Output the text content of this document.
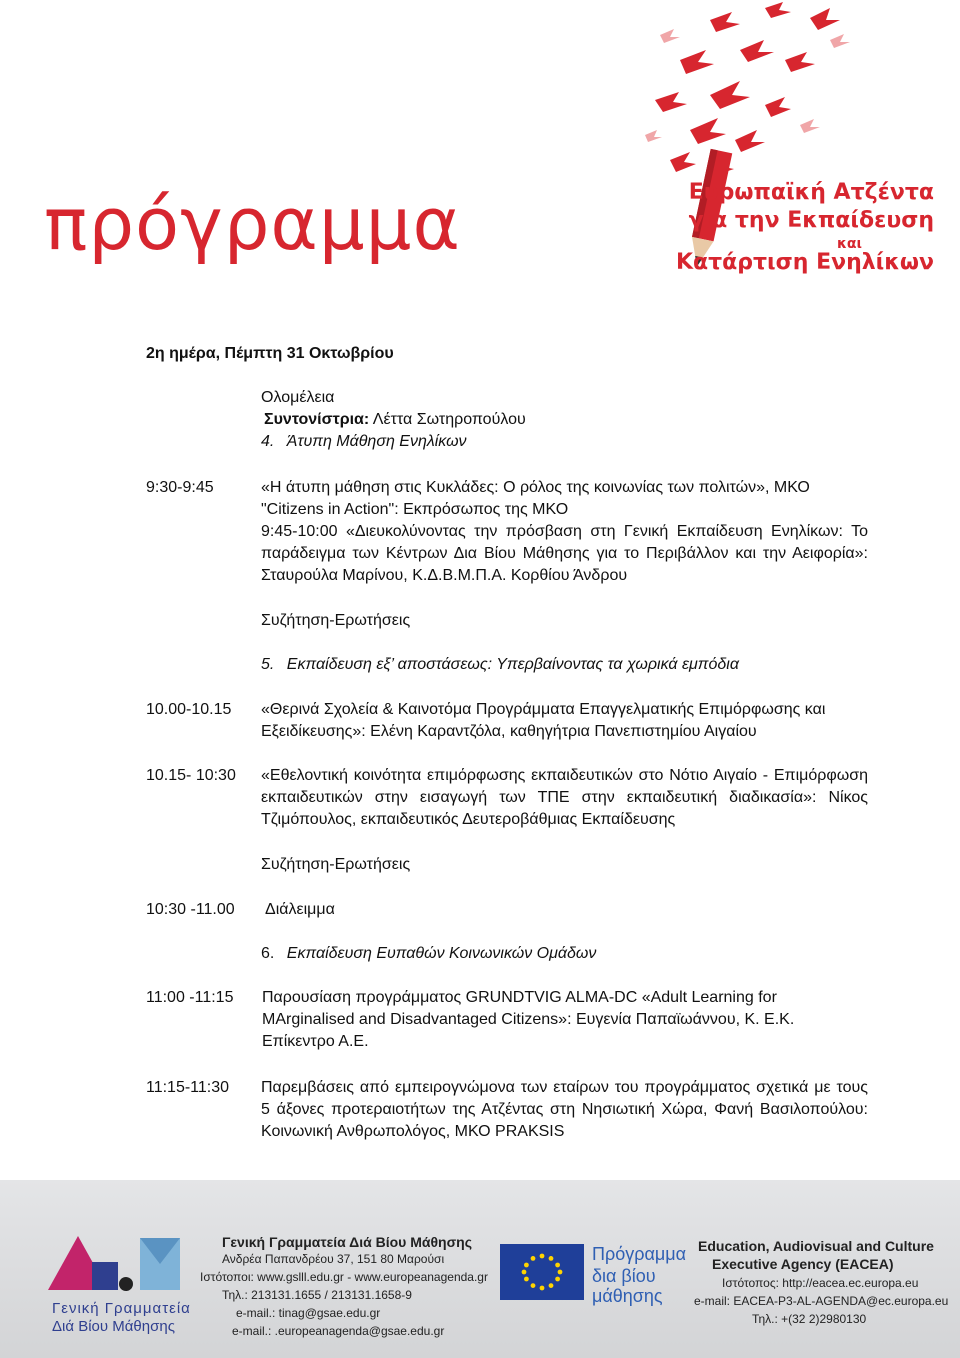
πρόγραμμα	Ευρωπαϊκή Ατζέντα
για την Εκπαίδευση
και
Κατάρτιση Ενηλίκων
2η ημέρα, Πέμπτη 31 Οκτωβρίου
Ολομέλεια
Συντονίστρια: Λέττα Σωτηροπούλου
4. Άτυπη Μάθηση Ενηλίκων
9:30-9:45	«Η άτυπη μάθηση στις Κυκλάδες: Ο ρόλος της κοινωνίας των πολιτών», ΜΚΟ
"Citizens in Action": Εκπρόσωπος της ΜΚΟ
9:45-10:00 «Διευκολύνοντας την πρόσβαση στη Γενική Εκπαίδευση Ενηλίκων: Το παράδειγμα των Κέντρων Δια Βίου Μάθησης για το Περιβάλλον και την Αειφορία»: Σταυρούλα Μαρίνου, Κ.Δ.Β.Μ.Π.Α. Κορθίου Άνδρου
Συζήτηση-Ερωτήσεις
5. Εκπαίδευση εξ’ αποστάσεως: Υπερβαίνοντας τα χωρικά εμπόδια
10.00-10.15 «Θερινά Σχολεία & Καινοτόμα Προγράμματα Επαγγελματικής Επιμόρφωσης και Εξειδίκευσης»: Ελένη Καραντζόλα, καθηγήτρια Πανεπιστημίου Αιγαίου
10.15- 10:30 «Εθελοντική κοινότητα επιμόρφωσης εκπαιδευτικών στο Νότιο Αιγαίο - Επιμόρφωση εκπαιδευτικών στην εισαγωγή των ΤΠΕ στην εκπαιδευτική διαδικασία»: Νίκος Τζιμόπουλος, εκπαιδευτικός Δευτεροβάθμιας Εκπαίδευσης
Συζήτηση-Ερωτήσεις
10:30 -11.00 Διάλειμμα
6. Εκπαίδευση Ευπαθών Κοινωνικών Ομάδων
11:00 -11:15 Παρουσίαση προγράμματος GRUNDTVIG ALMA-DC «Adult Learning for MArginalised and Disadvantaged Citizens»: Ευγενία Παπαϊωάννου, Κ. Ε.Κ. Επίκεντρο Α.Ε.
11:15-11:30 Παρεμβάσεις από εμπειρογνώμονα των εταίρων του προγράμματος σχετικά με τους 5 άξονες προτεραιοτήτων της Ατζέντας στη Νησιωτική Χώρα, Φανή Βασιλοπούλου: Κοινωνική Ανθρωπολόγος, ΜΚΟ PRAKSIS
Γενική Γραμματεία
Διά Βίου Μάθησης
Γενική Γραμματεία Διά Βίου Μάθησης
Ανδρέα Παπανδρέου 37, 151 80 Μαρούσι
Ιστότοποι: www.gslll.edu.gr - www.europeanagenda.gr
Τηλ.: 213131.1655 / 213131.1658-9
e-mail.: tinag@gsae.edu.gr
e-mail.: .europeanagenda@gsae.edu.gr
Πρόγραμμα
δια βίου
μάθησης
Education, Audiovisual and Culture
Executive Agency (EACEA)
Ιστότοπος: http://eacea.ec.europa.eu
e-mail: EACEA-P3-AL-AGENDA@ec.europa.eu
Τηλ.: +(32 2)2980130
